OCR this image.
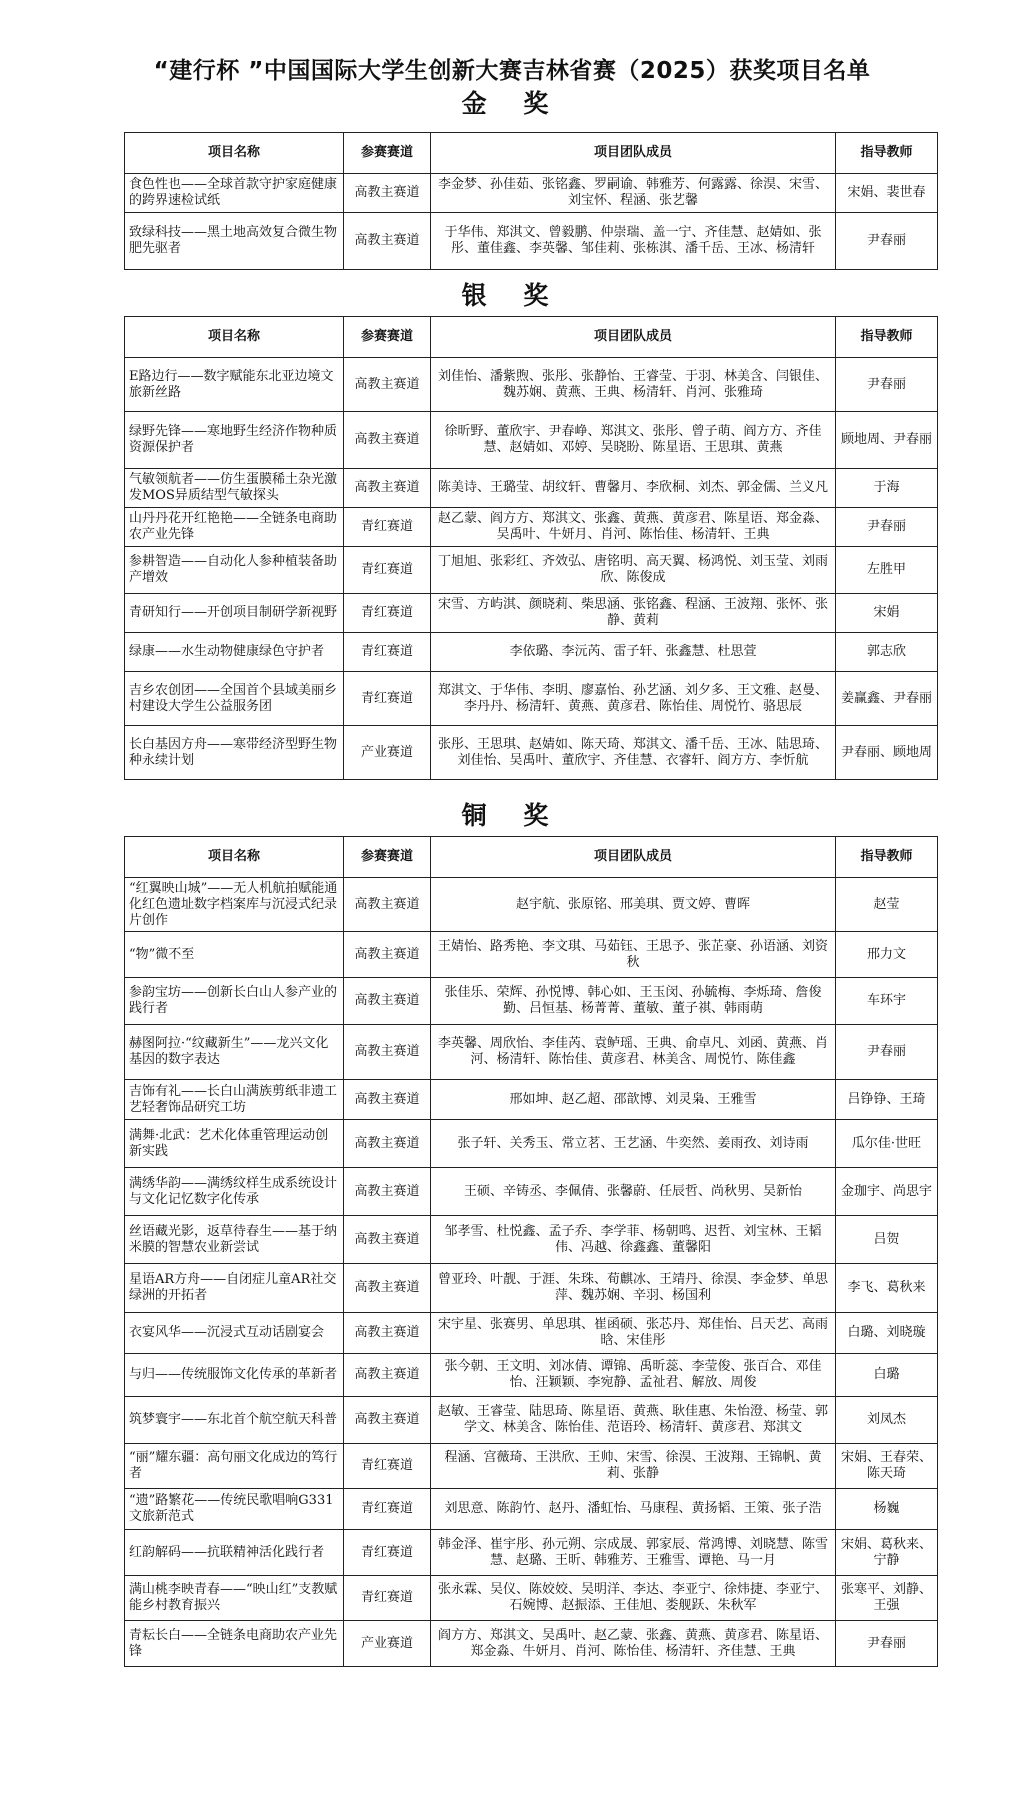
“建行杯 ”中国国际大学生创新大赛吉林省赛（2025）获奖项目名单
金 奖
项目名称	参赛赛道	项目团队成员	指导教师
食色性也——全球首款守护家庭健康的跨界速检试纸	高教主赛道	李金梦、孙佳茹、张铭鑫、罗嗣谕、韩雅芳、何露露、徐淏、宋雪、刘宝怀、程涵、张艺馨	宋娟、裴世春
致绿科技——黑土地高效复合微生物肥先驱者	高教主赛道	于华伟、郑淇文、曾毅鹏、仲崇瑞、盖一宁、齐佳慧、赵婧如、张彤、董佳鑫、李英馨、邹佳莉、张栋淇、潘千岳、王冰、杨清轩	尹春丽
银 奖
项目名称	参赛赛道	项目团队成员	指导教师
E路边行——数字赋能东北亚边境文旅新丝路	高教主赛道	刘佳怡、潘紫煦、张彤、张静怡、王睿莹、于羽、林美含、闫银佳、魏苏娴、黄燕、王典、杨清轩、肖河、张雅琦	尹春丽
绿野先锋——寒地野生经济作物种质资源保护者	高教主赛道	徐昕野、董欣宇、尹春峥、郑淇文、张彤、曾子萌、阎方方、齐佳慧、赵婧如、邓婷、吴晓盼、陈星语、王思琪、黄燕	顾地周、尹春丽
气敏领航者——仿生蛋膜稀土杂光激发MOS异质结型气敏探头	高教主赛道	陈美诗、王璐莹、胡纹轩、曹馨月、李欣桐、刘杰、郭金儒、兰义凡	于海
山丹丹花开红艳艳——全链条电商助农产业先锋	青红赛道	赵乙蒙、阎方方、郑淇文、张鑫、黄燕、黄彦君、陈星语、郑金淼、吴禹叶、牛妍月、肖河、陈怡佳、杨清轩、王典	尹春丽
参耕智造——自动化人参种植装备助产增效	青红赛道	丁旭旭、张彩红、齐效弘、唐铭明、高天翼、杨鸿悦、刘玉莹、刘雨欣、陈俊成	左胜甲
青研知行——开创项目制研学新视野	青红赛道	宋雪、方屿淇、颜晓莉、柴思涵、张铭鑫、程涵、王波翔、张怀、张静、黄莉	宋娟
绿康——水生动物健康绿色守护者	青红赛道	李依璐、李沅芮、雷子轩、张鑫慧、杜思萱	郭志欣
吉乡农创团——全国首个县域美丽乡村建设大学生公益服务团	青红赛道	郑淇文、于华伟、李明、廖嘉怡、孙艺涵、刘夕多、王文雅、赵曼、李丹丹、杨清轩、黄燕、黄彦君、陈怡佳、周悦竹、骆思辰	姜赢鑫、尹春丽
长白基因方舟——寒带经济型野生物种永续计划	产业赛道	张彤、王思琪、赵婧如、陈天琦、郑淇文、潘千岳、王冰、陆思琦、刘佳怡、吴禹叶、董欣宇、齐佳慧、衣睿轩、阎方方、李忻航	尹春丽、顾地周
铜 奖
项目名称	参赛赛道	项目团队成员	指导教师
“红翼映山城”——无人机航拍赋能通化红色遗址数字档案库与沉浸式纪录片创作	高教主赛道	赵宇航、张原铭、邢美琪、贾文婷、曹晖	赵莹
“物”微不至	高教主赛道	王婧怡、路秀艳、李文琪、马茹钰、王思予、张芷豪、孙语涵、刘资秋	邢力文
参韵宝坊——创新长白山人参产业的践行者	高教主赛道	张佳乐、荣辉、孙悦博、韩心如、王玉闵、孙毓梅、李烁琦、詹俊勤、吕恒基、杨菁菁、董敏、董子祺、韩雨萌	车环宇
赫图阿拉·“纹藏新生”——龙兴文化基因的数字表达	高教主赛道	李英馨、周欣怡、李佳芮、袁鲈瑶、王典、俞卓凡、刘函、黄燕、肖河、杨清轩、陈怡佳、黄彦君、林美含、周悦竹、陈佳鑫	尹春丽
吉饰有礼——长白山满族剪纸非遗工艺轻奢饰品研究工坊	高教主赛道	邢如坤、赵乙超、邵歆博、刘灵枭、王雅雪	吕铮铮、王琦
满舞·北武：艺术化体重管理运动创新实践	高教主赛道	张子轩、关秀玉、常立茗、王艺涵、牛奕然、姜雨孜、刘诗雨	瓜尔佳·世旺
满绣华韵——满绣纹样生成系统设计与文化记忆数字化传承	高教主赛道	王硕、辛铸丞、李佩倩、张馨蔚、任辰哲、尚秋男、吴新怡	金珈宇、尚思宇
丝语藏光影，返草待春生——基于纳米膜的智慧农业新尝试	高教主赛道	邹孝雪、杜悦鑫、孟子乔、李学菲、杨朝鸣、迟哲、刘宝林、王韬伟、冯越、徐鑫鑫、董馨阳	吕贺
星语AR方舟——自闭症儿童AR社交绿洲的开拓者	高教主赛道	曾亚玲、叶靓、于涯、朱珠、荀麒冰、王靖丹、徐淏、李金梦、单思萍、魏苏娴、辛羽、杨国利	李飞、葛秋来
衣宴风华——沉浸式互动话剧宴会	高教主赛道	宋宇星、张赛男、单思琪、崔函硕、张芯丹、郑佳怡、吕天艺、高雨晗、宋佳彤	白璐、刘晓璇
与归——传统服饰文化传承的革新者	高教主赛道	张今朝、王文明、刘冰倩、谭锦、禹昕蕊、李莹俊、张百合、邓佳怡、汪颖颖、李宛静、孟祉君、解放、周俊	白璐
筑梦寰宇——东北首个航空航天科普	高教主赛道	赵敏、王睿莹、陆思琦、陈星语、黄燕、耿佳惠、朱怡澄、杨莹、郭学文、林美含、陈怡佳、范语玲、杨清轩、黄彦君、郑淇文	刘凤杰
“丽”耀东疆：高句丽文化成边的笃行者	青红赛道	程涵、宫薇琦、王洪欣、王帅、宋雪、徐淏、王波翔、王锦帆、黄莉、张静	宋娟、王春荣、陈天琦
“遗”路繁花——传统民歌唱响G331文旅新范式	青红赛道	刘思意、陈韵竹、赵丹、潘虹怡、马康程、黄扬韬、王策、张子浩	杨巍
红韵解码——抗联精神活化践行者	青红赛道	韩金泽、崔宇彤、孙元朔、宗成晟、郭家辰、常鸿博、刘晓慧、陈雪慧、赵璐、王昕、韩雅芳、王雅雪、谭艳、马一月	宋娟、葛秋来、宁静
满山桃李映青春——“映山红”支教赋能乡村教育振兴	青红赛道	张永霖、吴仪、陈姣姣、吴明洋、李达、李亚宁、徐炜捷、李亚宁、石婉博、赵振添、王佳旭、娄舰跃、朱秋军	张寒平、刘静、王强
青耘长白——全链条电商助农产业先锋	产业赛道	阎方方、郑淇文、吴禹叶、赵乙蒙、张鑫、黄燕、黄彦君、陈星语、郑金淼、牛妍月、肖河、陈怡佳、杨清轩、齐佳慧、王典	尹春丽
